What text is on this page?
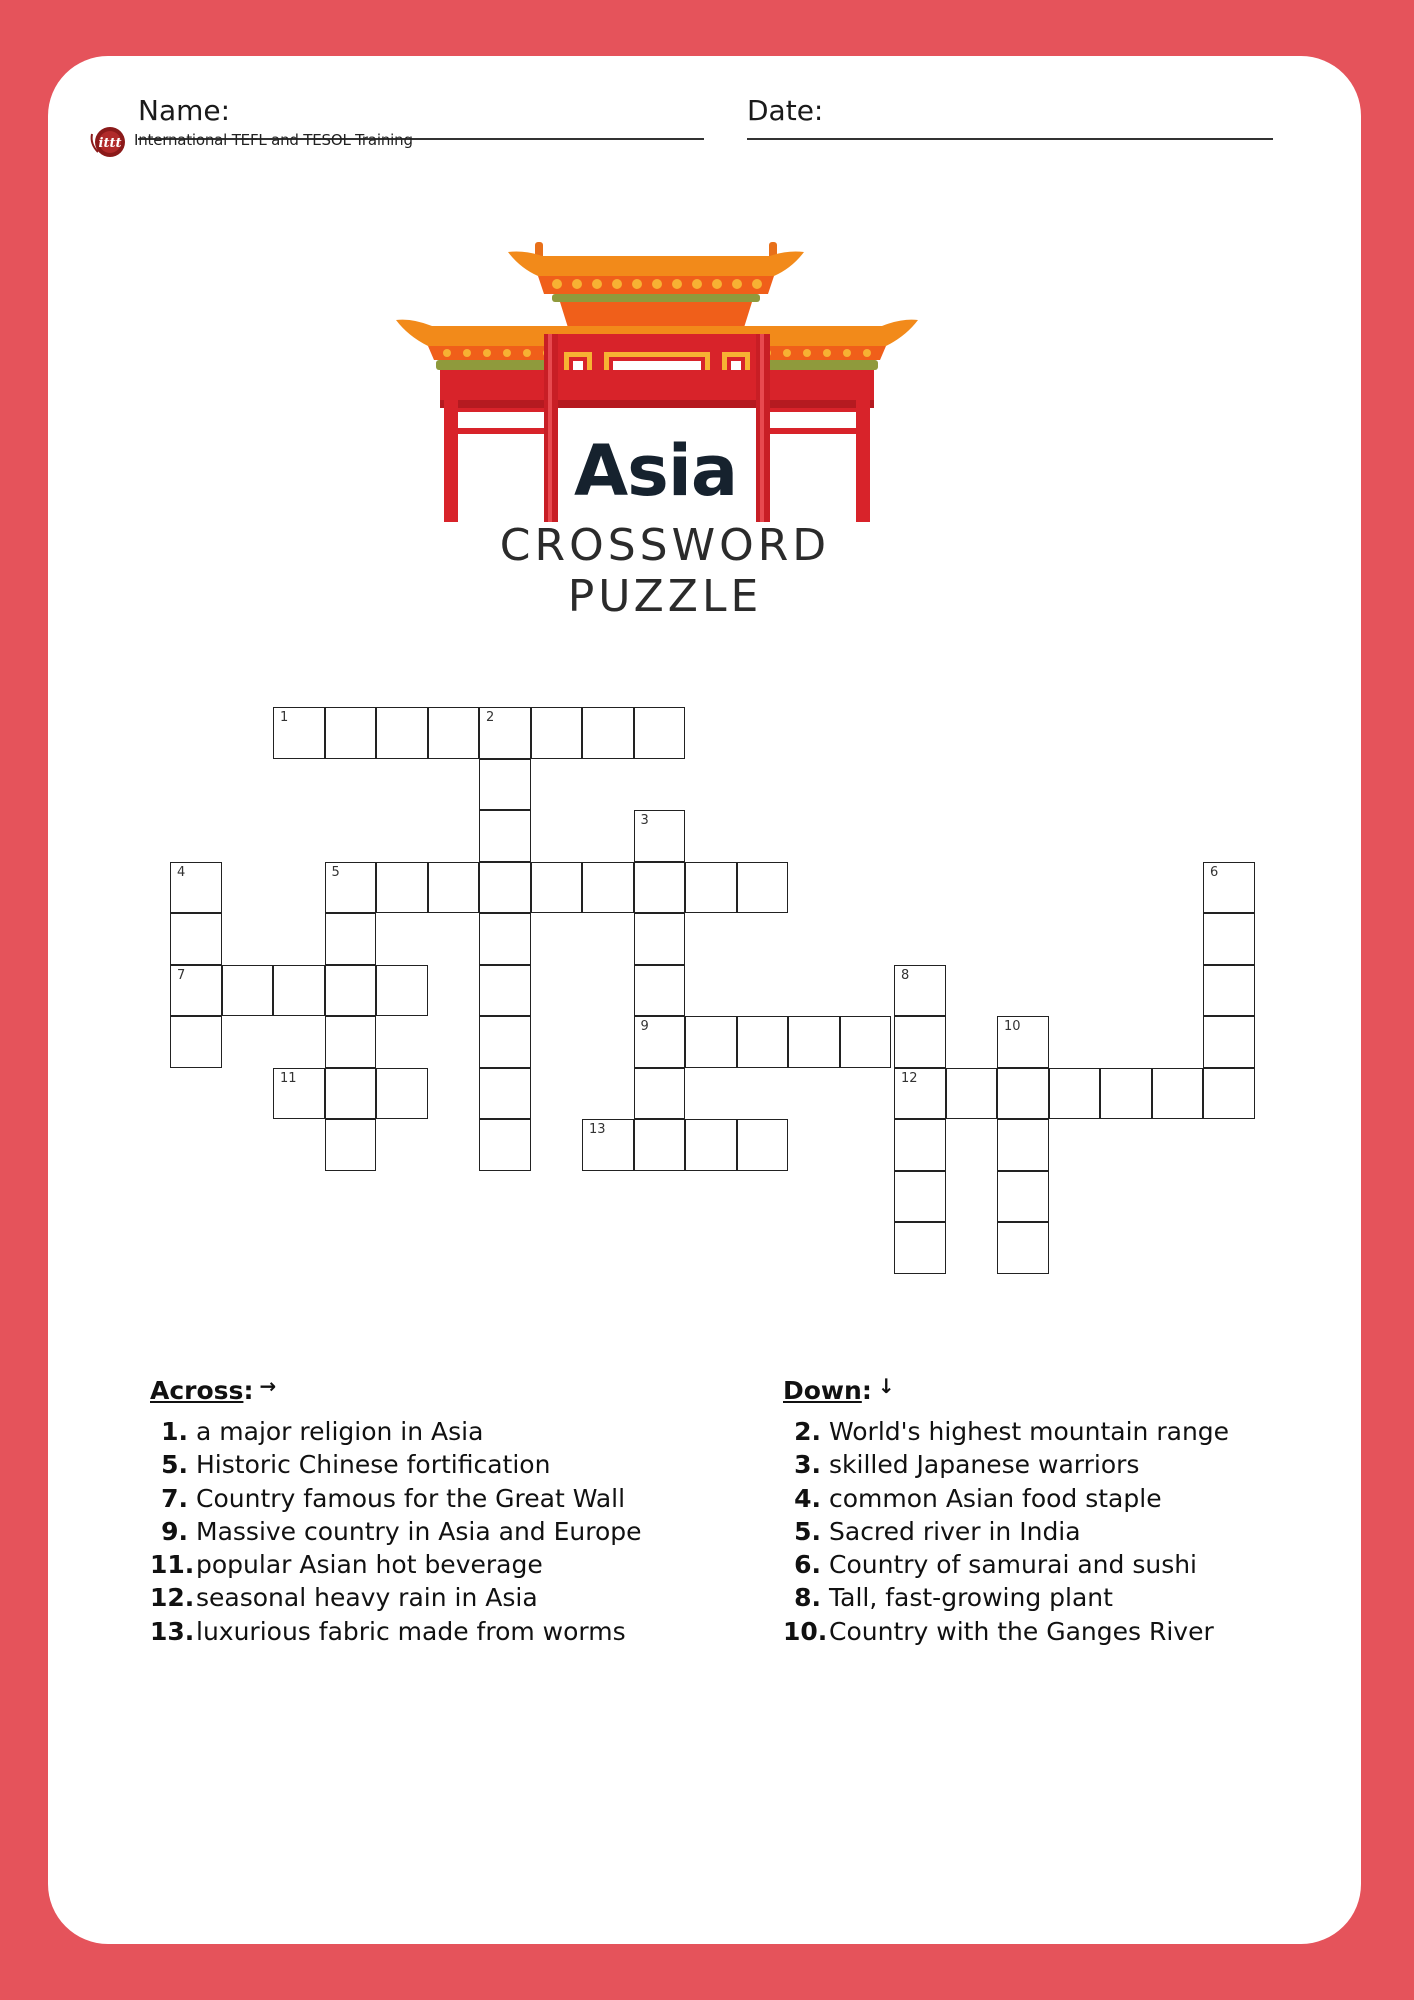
Name:	Date:
ittt International TEFL and TESOL Training
Asia
CROSSWORD PUZZLE
1	2
3
4	5	6
7	8
9	10
11	12
13
Across: →
1. a major religion in Asia
5. Historic Chinese fortification
7. Country famous for the Great Wall
9. Massive country in Asia and Europe
11. popular Asian hot beverage
12. seasonal heavy rain in Asia
13. luxurious fabric made from worms
Down: ↓
2. World's highest mountain range
3. skilled Japanese warriors
4. common Asian food staple
5. Sacred river in India
6. Country of samurai and sushi
8. Tall, fast-growing plant
10. Country with the Ganges River
